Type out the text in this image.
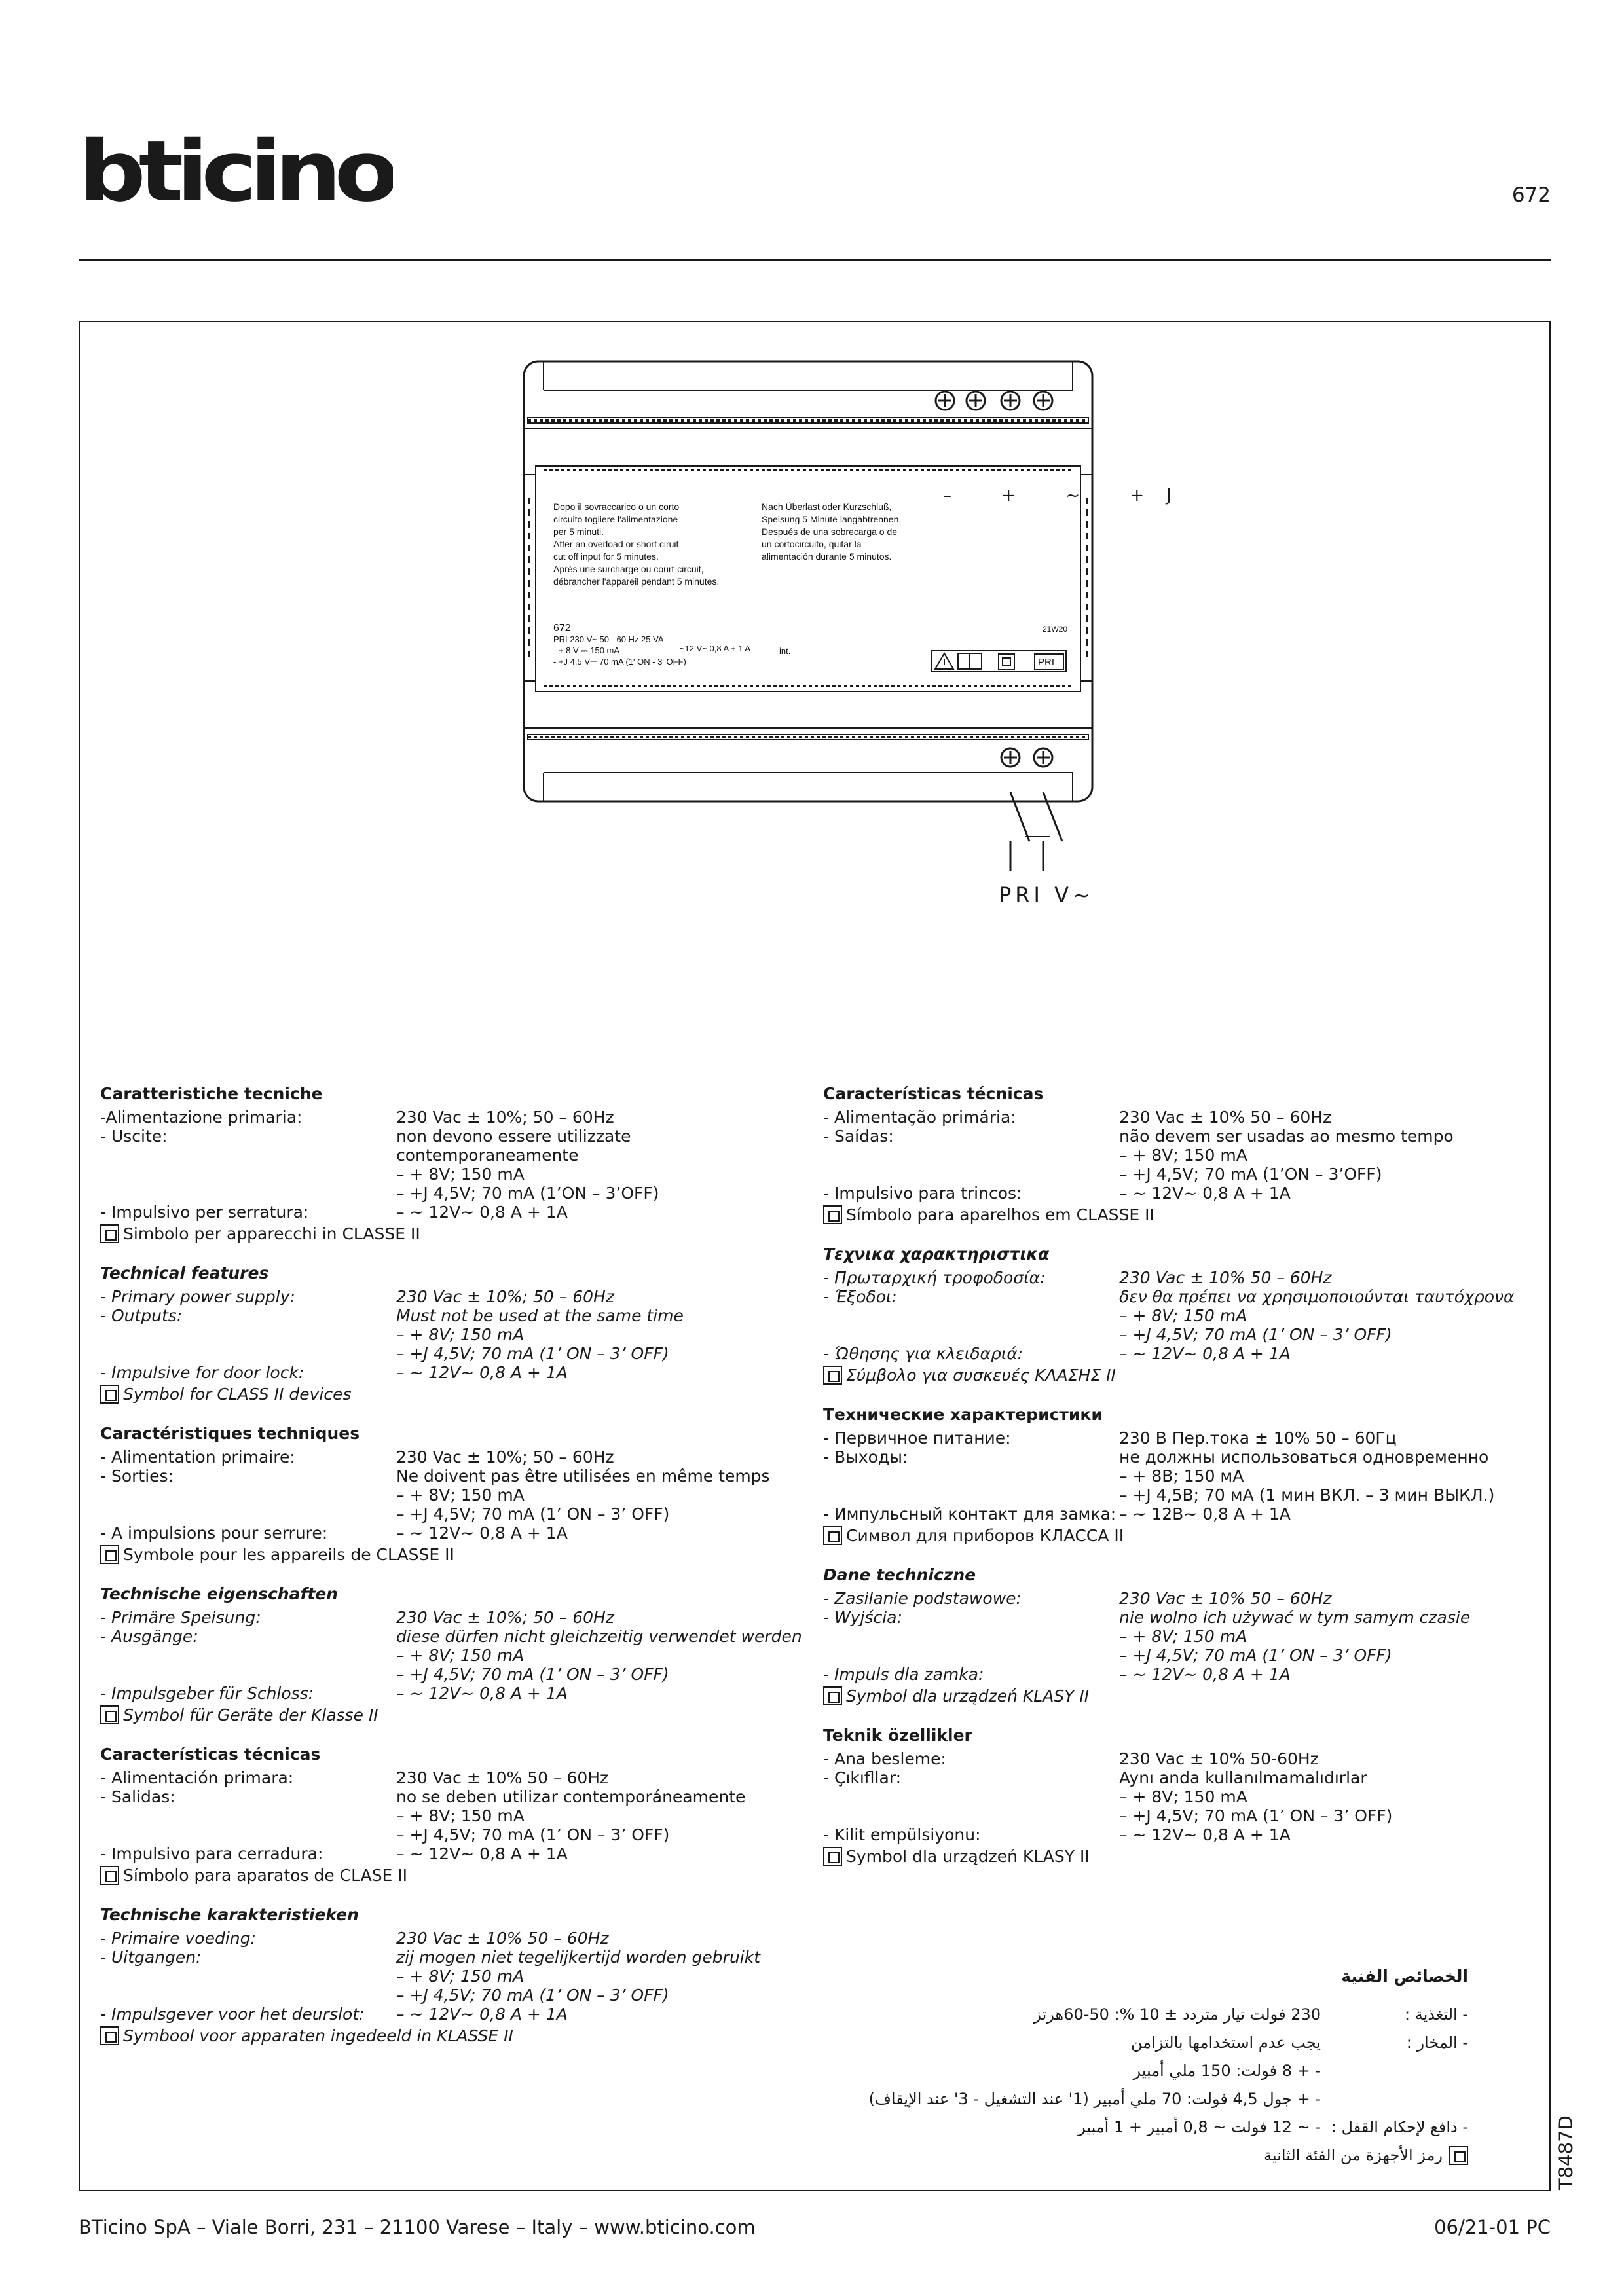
bticino	672
– + ~ +J
Dopo il sovraccarico o un corto
circuito togliere l'alimentazione
per 5 minuti.
After an overload or short ciruit
cut off input for 5 minutes.
Après une surcharge ou court-circuit,
débrancher l'appareil pendant 5 minutes.
Nach Überlast oder Kurzschluß,
Speisung 5 Minute langabtrennen.
Después de una sobrecarga o de
un cortocircuito, quitar la
alimentación durante 5 minutos.
672
PRI 230 V~ 50 - 60 Hz 25 VA
- + 8 V ⎓ 150 mA	- ~12 V~ 0,8 A + 1 A
- +J 4,5 V⎓ 70 mA (1' ON - 3' OFF)
int.
21W20
PRI
PRI V~
Caratteristiche tecniche
-Alimentazione primaria:	230 Vac ± 10%; 50 – 60Hz
- Uscite:	non devono essere utilizzate contemporaneamente
– + 8V; 150 mA
– +J 4,5V; 70 mA (1’ON – 3’OFF)
- Impulsivo per serratura:	– ~ 12V~ 0,8 A + 1A
Simbolo per apparecchi in CLASSE II
Technical features
- Primary power supply:	230 Vac ± 10%; 50 – 60Hz
- Outputs:	Must not be used at the same time
– + 8V; 150 mA
– +J 4,5V; 70 mA (1’ ON – 3’ OFF)
- Impulsive for door lock:	– ~ 12V~ 0,8 A + 1A
Symbol for CLASS II devices
Caractéristiques techniques
- Alimentation primaire:	230 Vac ± 10%; 50 – 60Hz
- Sorties:	Ne doivent pas être utilisées en même temps
– + 8V; 150 mA
– +J 4,5V; 70 mA (1’ ON – 3’ OFF)
- A impulsions pour serrure:	– ~ 12V~ 0,8 A + 1A
Symbole pour les appareils de CLASSE II
Technische eigenschaften
- Primäre Speisung:	230 Vac ± 10%; 50 – 60Hz
- Ausgänge:	diese dürfen nicht gleichzeitig verwendet werden
– + 8V; 150 mA
– +J 4,5V; 70 mA (1’ ON – 3’ OFF)
- Impulsgeber für Schloss:	– ~ 12V~ 0,8 A + 1A
Symbol für Geräte der Klasse II
Características técnicas
- Alimentación primara:	230 Vac ± 10% 50 – 60Hz
- Salidas:	no se deben utilizar contemporáneamente
– + 8V; 150 mA
– +J 4,5V; 70 mA (1’ ON – 3’ OFF)
- Impulsivo para cerradura:	– ~ 12V~ 0,8 A + 1A
Símbolo para aparatos de CLASE II
Technische karakteristieken
- Primaire voeding:	230 Vac ± 10% 50 – 60Hz
- Uitgangen:	zij mogen niet tegelijkertijd worden gebruikt
– + 8V; 150 mA
– +J 4,5V; 70 mA (1’ ON – 3’ OFF)
- Impulsgever voor het deurslot:	– ~ 12V~ 0,8 A + 1A
Symbool voor apparaten ingedeeld in KLASSE II
Características técnicas
- Alimentação primária:	230 Vac ± 10% 50 – 60Hz
- Saídas:	não devem ser usadas ao mesmo tempo
– + 8V; 150 mA
– +J 4,5V; 70 mA (1’ON – 3’OFF)
- Impulsivo para trincos:	– ~ 12V~ 0,8 A + 1A
Símbolo para aparelhos em CLASSE II
Τεχνικα χαρακτηριστικα
- Πρωταρχική τροφοδοσία:	230 Vac ± 10% 50 – 60Hz
- Έξοδοι:	δεν θα πρέπει να χρησιμοποιούνται ταυτόχρονα
– + 8V; 150 mA
– +J 4,5V; 70 mA (1’ ON – 3’ OFF)
- Ώθησης για κλειδαριά:	– ~ 12V~ 0,8 A + 1A
Σύμβολο για συσκευές ΚΛΑΣΗΣ II
Технические характеристики
- Первичное питание:	230 В Пер.тока ± 10% 50 – 60Гц
- Выходы:	не должны использоваться одновременно
– + 8В; 150 мА
– +J 4,5В; 70 мА (1 мин ВКЛ. – 3 мин ВЫКЛ.)
- Импульсный контакт для замка: – ~ 12В~ 0,8 А + 1А
Символ для приборов КЛАССА II
Dane techniczne
- Zasilanie podstawowe:	230 Vac ± 10% 50 – 60Hz
- Wyjścia:	nie wolno ich używać w tym samym czasie
– + 8V; 150 mA
– +J 4,5V; 70 mA (1’ ON – 3’ OFF)
- Impuls dla zamka:	– ~ 12V~ 0,8 A + 1A
Symbol dla urządzeń KLASY II
Teknik özellikler
- Ana besleme:	230 Vac ± 10% 50-60Hz
- Çıkıfllar:	Aynı anda kullanılmamalıdırlar
– + 8V; 150 mA
– +J 4,5V; 70 mA (1’ ON – 3’ OFF)
- Kilit empülsiyonu:	– ~ 12V~ 0,8 A + 1A
Symbol dla urządzeń KLASY II
الخصائص الفنية
- التغذية :
230 فولت تيار متردد ± 10 %: 50-60هرتز
- المخار :
يجب عدم استخدامها بالتزامن
- + 8 فولت: 150 ملي أمبير
- + جول 4,5 فولت: 70 ملي أمبير (1' عند التشغيل - 3' عند الإيقاف)
- دافع لإحكام القفل :
- ~ 12 فولت ~ 0,8 أمبير + 1 أمبير
رمز الأجهزة من الفئة الثانية	T8487D
BTicino SpA – Viale Borri, 231 – 21100 Varese – Italy – www.bticino.com	06/21-01 PC
